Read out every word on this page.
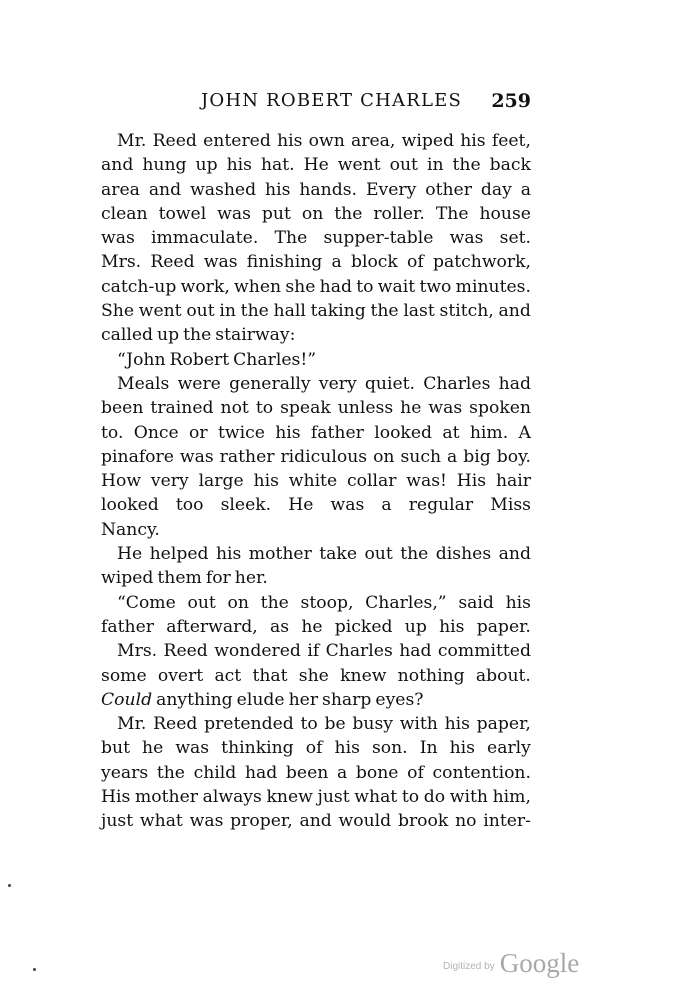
JOHN ROBERT CHARLES 259
Mr. Reed entered his own area, wiped his feet,
and hung up his hat. He went out in the back
area and washed his hands. Every other day a
clean towel was put on the roller. The house
was immaculate. The supper-table was set.
Mrs. Reed was finishing a block of patchwork,
catch-up work, when she had to wait two minutes.
She went out in the hall taking the last stitch, and
called up the stairway:
“John Robert Charles!”
Meals were generally very quiet. Charles had
been trained not to speak unless he was spoken
to. Once or twice his father looked at him. A
pinafore was rather ridiculous on such a big boy.
How very large his white collar was! His hair
looked too sleek. He was a regular Miss
Nancy.
He helped his mother take out the dishes and
wiped them for her.
“Come out on the stoop, Charles,” said his
father afterward, as he picked up his paper.
Mrs. Reed wondered if Charles had committed
some overt act that she knew nothing about.
Could anything elude her sharp eyes?
Mr. Reed pretended to be busy with his paper,
but he was thinking of his son. In his early
years the child had been a bone of contention.
His mother always knew just what to do with him,
just what was proper, and would brook no inter-
Digitized by Google
